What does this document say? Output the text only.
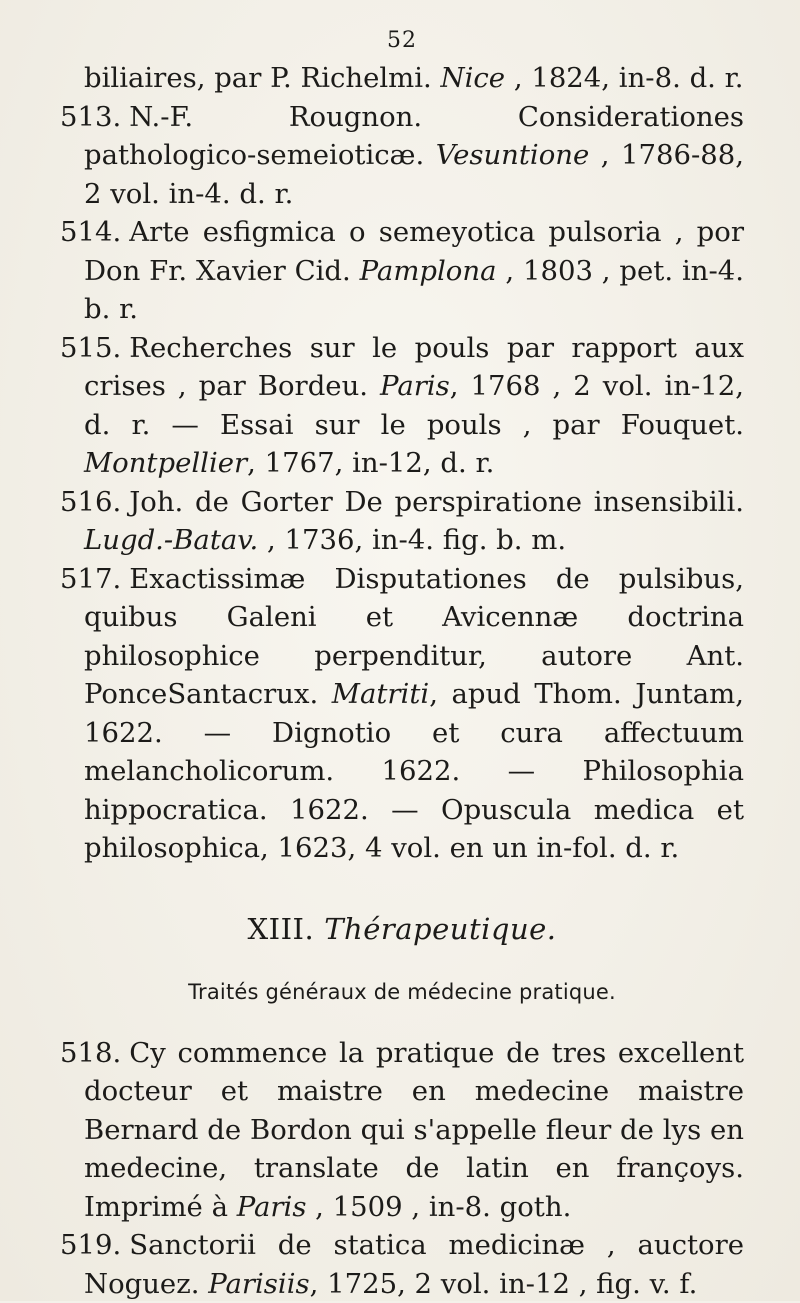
52

biliaires, par P. Richelmi. Nice , 1824, in-8. d. r.

513. N.-F. Rougnon. Considerationes pathologico-semeioticæ. Vesuntione , 1786-88, 2 vol. in-4. d. r.

514. Arte esfigmica o semeyotica pulsoria , por Don Fr. Xavier Cid. Pamplona , 1803 , pet. in-4. b. r.

515. Recherches sur le pouls par rapport aux crises , par Bordeu. Paris, 1768 , 2 vol. in-12, d. r. — Essai sur le pouls , par Fouquet. Montpellier, 1767, in-12, d. r.

516. Joh. de Gorter De perspiratione insensibili. Lugd.-Batav. , 1736, in-4. fig. b. m.

517. Exactissimæ Disputationes de pulsibus, quibus Galeni et Avicennæ doctrina philosophice perpenditur, autore Ant. PonceSantacrux. Matriti, apud Thom. Juntam, 1622. — Dignotio et cura affectuum melancholicorum. 1622. — Philosophia hippocratica. 1622. — Opuscula medica et philosophica, 1623, 4 vol. en un in-fol. d. r.

XIII. Thérapeutique.
Traités généraux de médecine pratique.

518. Cy commence la pratique de tres excellent docteur et maistre en medecine maistre Bernard de Bordon qui s'appelle fleur de lys en medecine, translate de latin en françoys. Imprimé à Paris , 1509 , in-8. goth.

519. Sanctorii de statica medicinæ , auctore Noguez. Parisiis, 1725, 2 vol. in-12 , fig. v. f.
